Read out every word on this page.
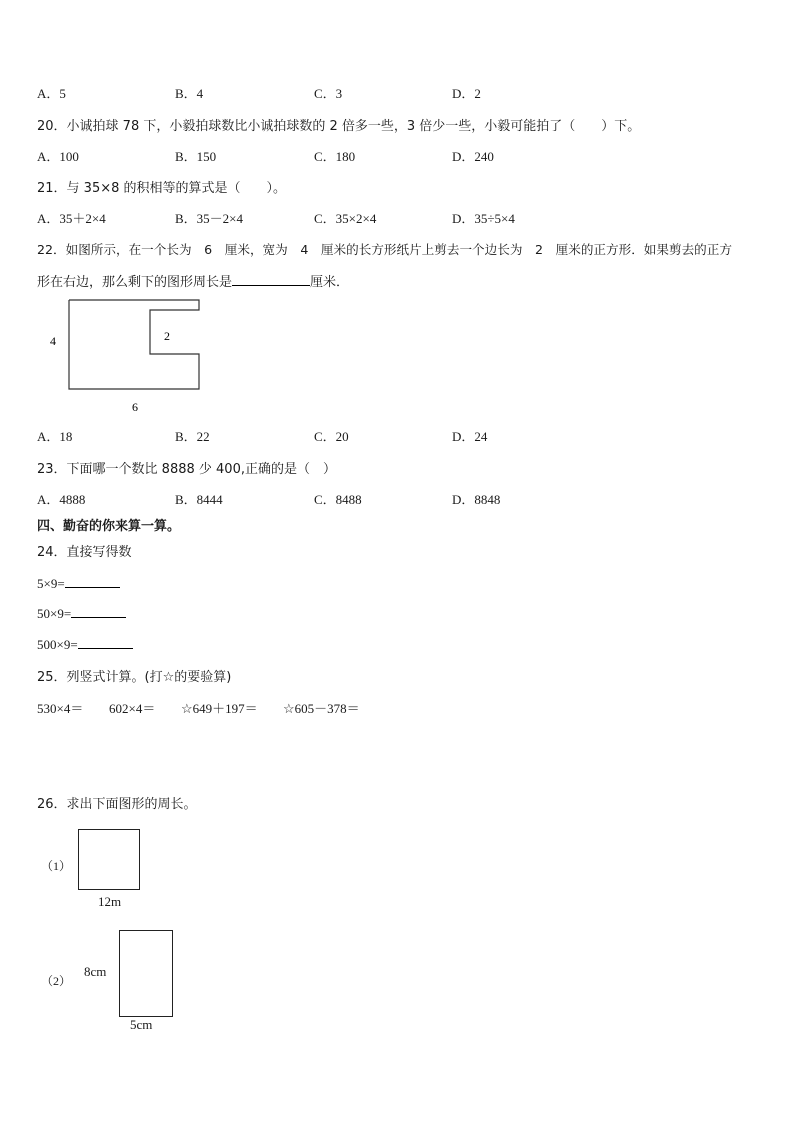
A．5	B．4	C．3	D．2
20．小诚拍球 78 下，小毅拍球数比小诚拍球数的 2 倍多一些，3 倍少一些，小毅可能拍了（　　）下。
A．100	B．150	C．180	D．240
21．与 35×8 的积相等的算式是（　　）。
A．35＋2×4	B．35－2×4	C．35×2×4	D．35÷5×4
22．如图所示，在一个长为　6　厘米，宽为　4　厘米的长方形纸片上剪去一个边长为　2　厘米的正方形．如果剪去的正方
形在右边，那么剩下的图形周长是	厘米．
4	2
6
A．18	B．22	C．20	D．24
23．下面哪一个数比 8888 少 400,正确的是（　）
A．4888	B．8444	C．8488	D．8848
四、勤奋的你来算一算。
24．直接写得数
5×9=
50×9=
500×9=
25．列竖式计算。(打☆的要验算)
530×4＝ 602×4＝ ☆649＋197＝ ☆605－378＝
26．求出下面图形的周长。
（1）
12m
（2）
8cm
5cm
